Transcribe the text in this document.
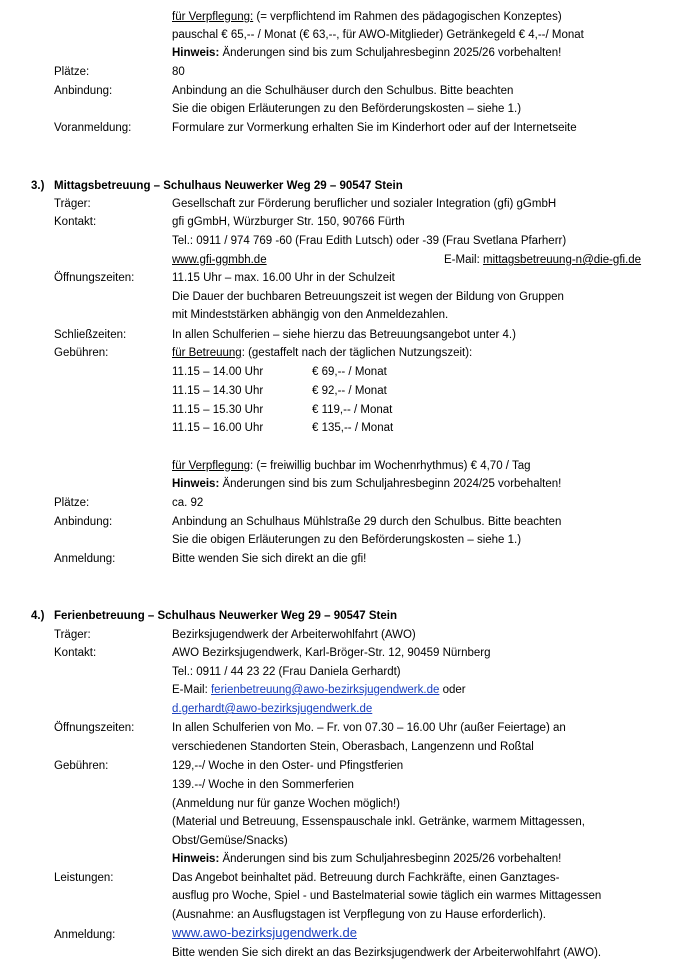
für Verpflegung: (= verpflichtend im Rahmen des pädagogischen Konzeptes)
pauschal € 65,-- / Monat (€ 63,--, für AWO-Mitglieder) Getränkegeld € 4,--/ Monat
Hinweis: Änderungen sind bis zum Schuljahresbeginn 2025/26 vorbehalten!
Plätze:	80
Anbindung:	Anbindung an die Schulhäuser durch den Schulbus. Bitte beachten
Sie die obigen Erläuterungen zu den Beförderungskosten – siehe 1.)
Voranmeldung:	Formulare zur Vormerkung erhalten Sie im Kinderhort oder auf der Internetseite
3.) Mittagsbetreuung – Schulhaus Neuwerker Weg 29 – 90547 Stein
Träger:	Gesellschaft zur Förderung beruflicher und sozialer Integration (gfi) gGmbH
Kontakt:	gfi gGmbH, Würzburger Str. 150, 90766 Fürth
Tel.: 0911 / 974 769 -60 (Frau Edith Lutsch) oder -39 (Frau Svetlana Pfarherr)
www.gfi-ggmbh.de	E-Mail: mittagsbetreuung-n@die-gfi.de
Öffnungszeiten:	11.15 Uhr – max. 16.00 Uhr in der Schulzeit
Die Dauer der buchbaren Betreuungszeit ist wegen der Bildung von Gruppen
mit Mindeststärken abhängig von den Anmeldezahlen.
Schließzeiten:	In allen Schulferien – siehe hierzu das Betreuungsangebot unter 4.)
Gebühren:	für Betreuung: (gestaffelt nach der täglichen Nutzungszeit):
11.15 – 14.00 Uhr	€ 69,-- / Monat
11.15 – 14.30 Uhr	€ 92,-- / Monat
11.15 – 15.30 Uhr	€ 119,-- / Monat
11.15 – 16.00 Uhr	€ 135,-- / Monat
für Verpflegung: (= freiwillig buchbar im Wochenrhythmus) € 4,70 / Tag
Hinweis: Änderungen sind bis zum Schuljahresbeginn 2024/25 vorbehalten!
Plätze:	ca. 92
Anbindung:	Anbindung an Schulhaus Mühlstraße 29 durch den Schulbus. Bitte beachten
Sie die obigen Erläuterungen zu den Beförderungskosten – siehe 1.)
Anmeldung:	Bitte wenden Sie sich direkt an die gfi!
4.) Ferienbetreuung – Schulhaus Neuwerker Weg 29 – 90547 Stein
Träger:	Bezirksjugendwerk der Arbeiterwohlfahrt (AWO)
Kontakt:	AWO Bezirksjugendwerk, Karl-Bröger-Str. 12, 90459 Nürnberg
Tel.: 0911 / 44 23 22 (Frau Daniela Gerhardt)
E-Mail: ferienbetreuung@awo-bezirksjugendwerk.de oder
d.gerhardt@awo-bezirksjugendwerk.de
Öffnungszeiten:	In allen Schulferien von Mo. – Fr. von 07.30 – 16.00 Uhr (außer Feiertage) an
verschiedenen Standorten Stein, Oberasbach, Langenzenn und Roßtal
Gebühren:	129,--/ Woche in den Oster- und Pfingstferien
139.--/ Woche in den Sommerferien
(Anmeldung nur für ganze Wochen möglich!)
(Material und Betreuung, Essenspauschale inkl. Getränke, warmem Mittagessen,
Obst/Gemüse/Snacks)
Hinweis: Änderungen sind bis zum Schuljahresbeginn 2025/26 vorbehalten!
Leistungen:	Das Angebot beinhaltet päd. Betreuung durch Fachkräfte, einen Ganztages-
ausflug pro Woche, Spiel - und Bastelmaterial sowie täglich ein warmes Mittagessen
(Ausnahme: an Ausflugstagen ist Verpflegung von zu Hause erforderlich).
Anmeldung:	www.awo-bezirksjugendwerk.de
Bitte wenden Sie sich direkt an das Bezirksjugendwerk der Arbeiterwohlfahrt (AWO).
